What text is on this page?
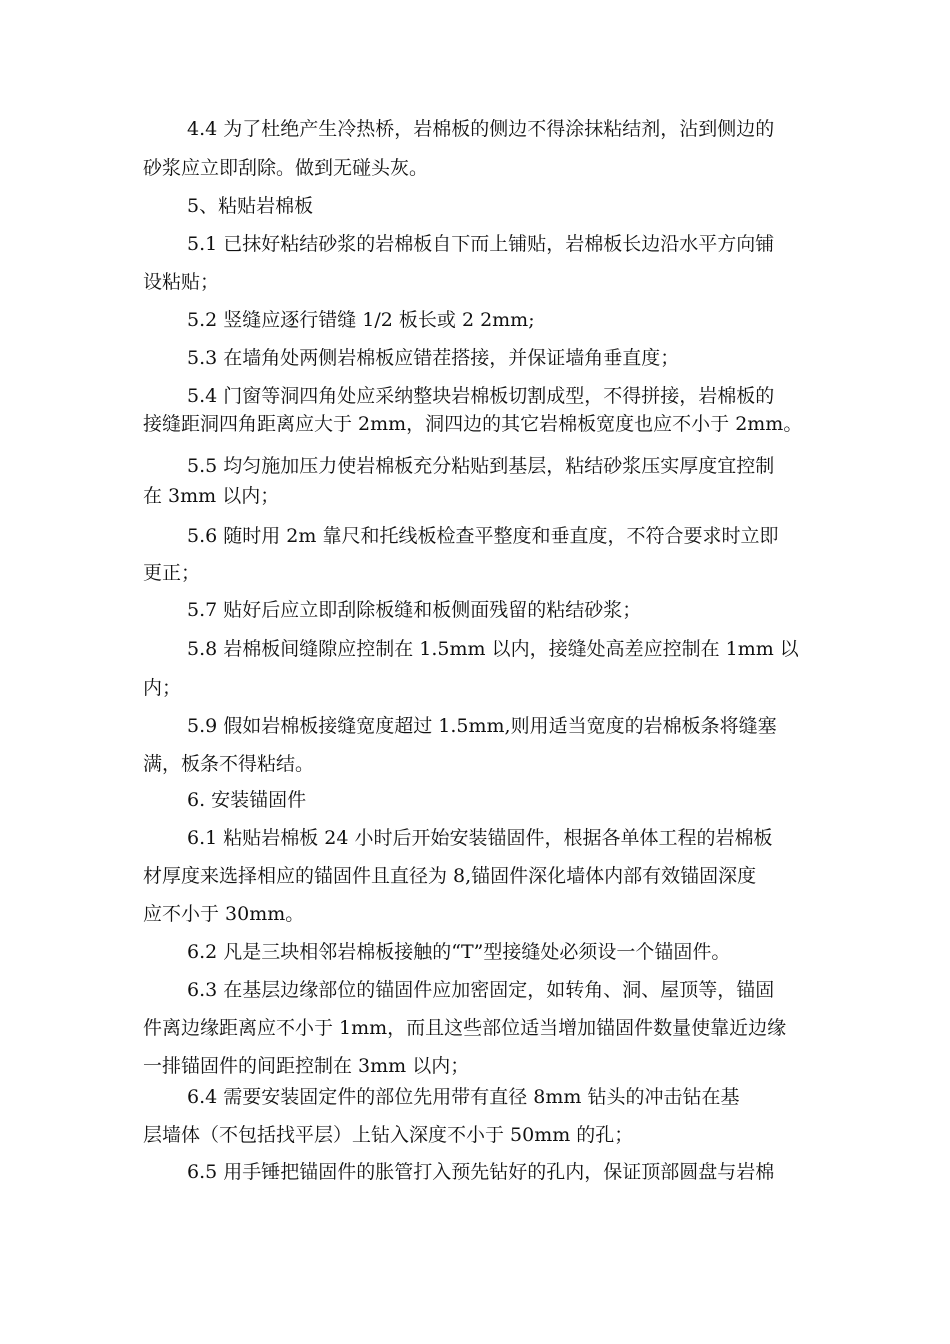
4.4 为了杜绝产生冷热桥，岩棉板的侧边不得涂抹粘结剂，沾到侧边的
砂浆应立即刮除。做到无碰头灰。
5、粘贴岩棉板
5.1 已抹好粘结砂浆的岩棉板自下而上铺贴，岩棉板长边沿水平方向铺
设粘贴；
5.2 竖缝应逐行错缝 1/2 板长或 2 2mm;
5.3 在墙角处两侧岩棉板应错茬搭接，并保证墙角垂直度；
5.4 门窗等洞四角处应采纳整块岩棉板切割成型，不得拼接，岩棉板的
接缝距洞四角距离应大于 2mm，洞四边的其它岩棉板宽度也应不小于 2mm。
5.5 均匀施加压力使岩棉板充分粘贴到基层，粘结砂浆压实厚度宜控制
在 3mm 以内；
5.6 随时用 2m 靠尺和托线板检查平整度和垂直度，不符合要求时立即
更正；
5.7 贴好后应立即刮除板缝和板侧面残留的粘结砂浆；
5.8 岩棉板间缝隙应控制在 1.5mm 以内，接缝处高差应控制在 1mm 以
内；
5.9 假如岩棉板接缝宽度超过 1.5mm,则用适当宽度的岩棉板条将缝塞
满，板条不得粘结。
6. 安装锚固件
6.1 粘贴岩棉板 24 小时后开始安装锚固件，根据各单体工程的岩棉板
材厚度来选择相应的锚固件且直径为 8,锚固件深化墙体内部有效锚固深度
应不小于 30mm。
6.2 凡是三块相邻岩棉板接触的“T”型接缝处必须设一个锚固件。
6.3 在基层边缘部位的锚固件应加密固定，如转角、洞、屋顶等，锚固
件离边缘距离应不小于 1mm，而且这些部位适当增加锚固件数量使靠近边缘
一排锚固件的间距控制在 3mm 以内；
6.4 需要安装固定件的部位先用带有直径 8mm 钻头的冲击钻在基
层墙体（不包括找平层）上钻入深度不小于 50mm 的孔；
6.5 用手锤把锚固件的胀管打入预先钻好的孔内，保证顶部圆盘与岩棉
